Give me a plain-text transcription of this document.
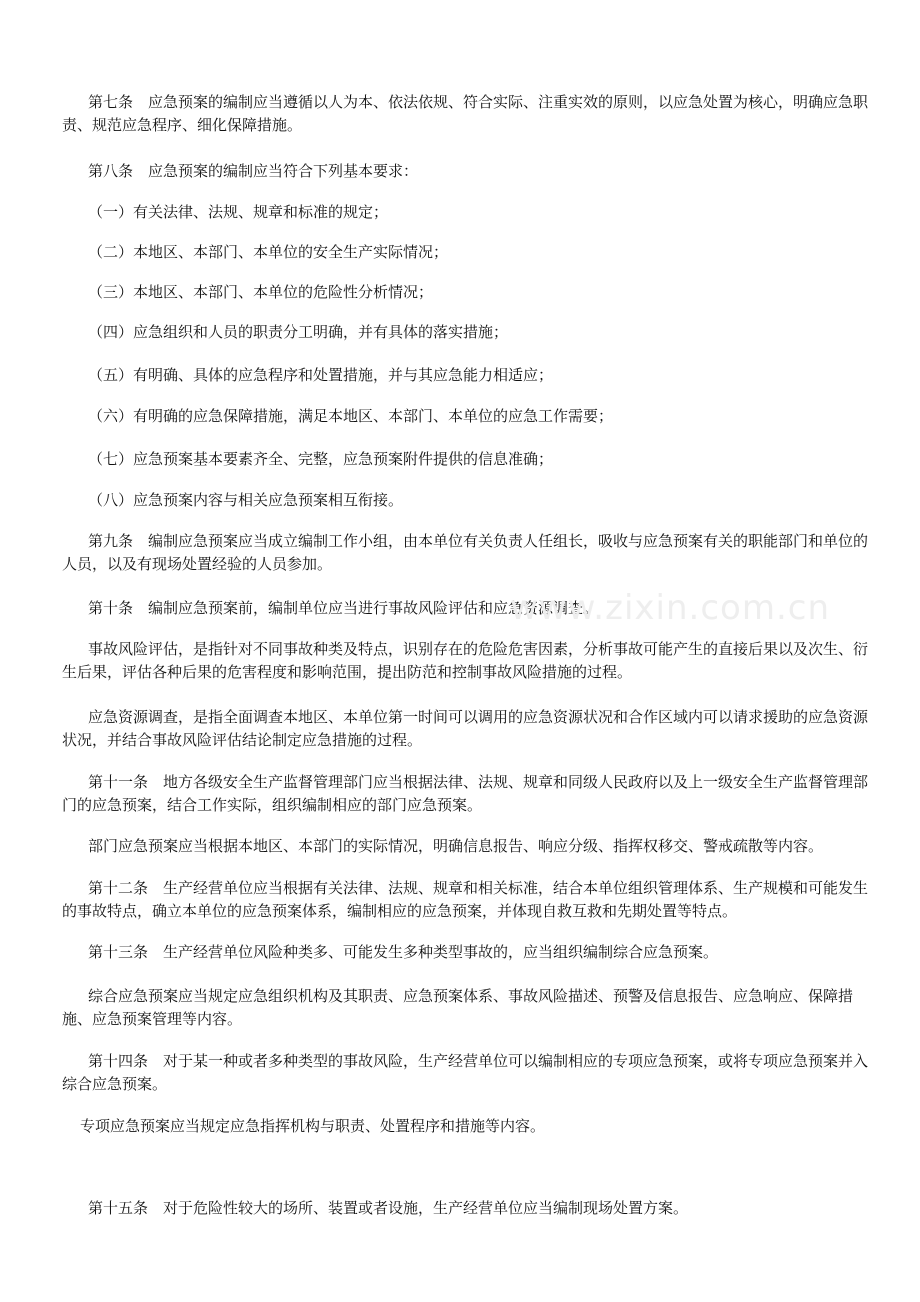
第七条　应急预案的编制应当遵循以人为本、依法依规、符合实际、注重实效的原则，以应急处置为核心，明确应急职责、规范应急程序、细化保障措施。

第八条　应急预案的编制应当符合下列基本要求：

（一）有关法律、法规、规章和标准的规定；

（二）本地区、本部门、本单位的安全生产实际情况；

（三）本地区、本部门、本单位的危险性分析情况；

（四）应急组织和人员的职责分工明确，并有具体的落实措施；

（五）有明确、具体的应急程序和处置措施，并与其应急能力相适应；

（六）有明确的应急保障措施，满足本地区、本部门、本单位的应急工作需要；

（七）应急预案基本要素齐全、完整，应急预案附件提供的信息准确；

（八）应急预案内容与相关应急预案相互衔接。

第九条　编制应急预案应当成立编制工作小组，由本单位有关负责人任组长，吸收与应急预案有关的职能部门和单位的人员，以及有现场处置经验的人员参加。

第十条　编制应急预案前，编制单位应当进行事故风险评估和应急资源调查。

事故风险评估，是指针对不同事故种类及特点，识别存在的危险危害因素，分析事故可能产生的直接后果以及次生、衍生后果，评估各种后果的危害程度和影响范围，提出防范和控制事故风险措施的过程。

应急资源调查，是指全面调查本地区、本单位第一时间可以调用的应急资源状况和合作区域内可以请求援助的应急资源状况，并结合事故风险评估结论制定应急措施的过程。

第十一条　地方各级安全生产监督管理部门应当根据法律、法规、规章和同级人民政府以及上一级安全生产监督管理部门的应急预案，结合工作实际，组织编制相应的部门应急预案。

部门应急预案应当根据本地区、本部门的实际情况，明确信息报告、响应分级、指挥权移交、警戒疏散等内容。

第十二条　生产经营单位应当根据有关法律、法规、规章和相关标准，结合本单位组织管理体系、生产规模和可能发生的事故特点，确立本单位的应急预案体系，编制相应的应急预案，并体现自救互救和先期处置等特点。

第十三条　生产经营单位风险种类多、可能发生多种类型事故的，应当组织编制综合应急预案。

综合应急预案应当规定应急组织机构及其职责、应急预案体系、事故风险描述、预警及信息报告、应急响应、保障措施、应急预案管理等内容。

第十四条　对于某一种或者多种类型的事故风险，生产经营单位可以编制相应的专项应急预案，或将专项应急预案并入综合应急预案。

专项应急预案应当规定应急指挥机构与职责、处置程序和措施等内容。

第十五条　对于危险性较大的场所、装置或者设施，生产经营单位应当编制现场处置方案。

www.zixin.com.cn
